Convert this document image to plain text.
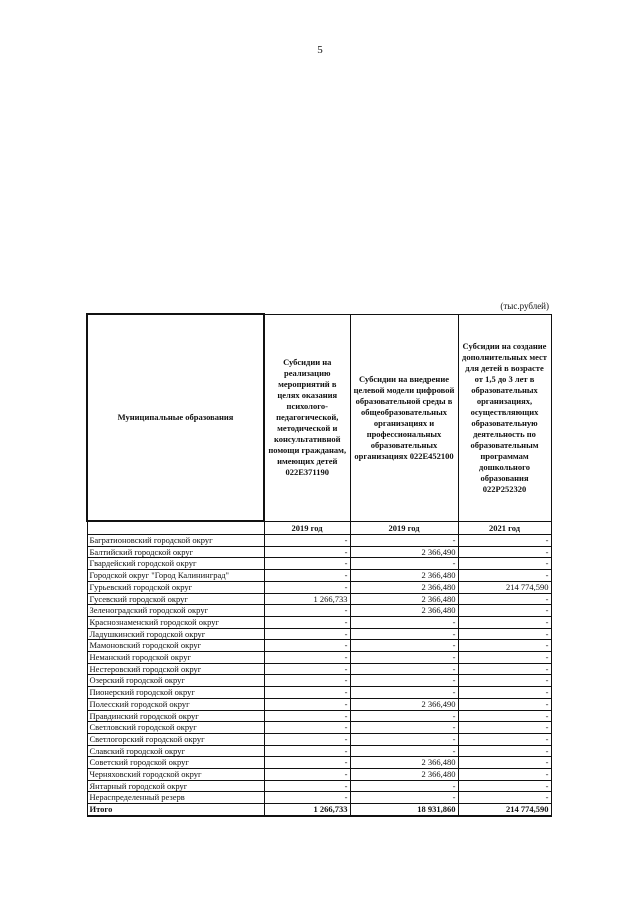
5
(тыс.рублей)
Муниципальные образования	Субсидии на реализацию мероприятий в целях оказания психолого-педагогической, методической и консультативной помощи гражданам, имеющих детей 022E371190	Субсидии на внедрение целевой модели цифровой образовательной среды в общеобразовательных организациях и профессиональных образовательных организациях 022E452100	Субсидии на создание дополнительных мест для детей в возрасте от 1,5 до 3 лет в образовательных организациях, осуществляющих образовательную деятельность по образовательным программам дошкольного образования 022P252320
	2019 год	2019 год	2021 год
Багратионовский городской округ	-	-	-
Балтийский городской округ	-	2 366,490	-
Гвардейский городской округ	-	-	-
Городской округ "Город Калининград"	-	2 366,480	-
Гурьевский городской округ	-	2 366,480	214 774,590
Гусевский городской округ	1 266,733	2 366,480	-
Зеленоградский городской округ	-	2 366,480	-
Краснознаменский городской округ	-	-	-
Ладушкинский городской округ	-	-	-
Мамоновский городской округ	-	-	-
Неманский городской округ	-	-	-
Нестеровский городской округ	-	-	-
Озерский городской округ	-	-	-
Пионерский городской округ	-	-	-
Полесский городской округ	-	2 366,490	-
Правдинский городской округ	-	-	-
Светловский городской округ	-	-	-
Светлогорский городской округ	-	-	-
Славский городской округ	-	-	-
Советский городской округ	-	2 366,480	-
Черняховский городской округ	-	2 366,480	-
Янтарный городской округ	-	-	-
Нераспределенный резерв	-	-	-
Итого	1 266,733	18 931,860	214 774,590
